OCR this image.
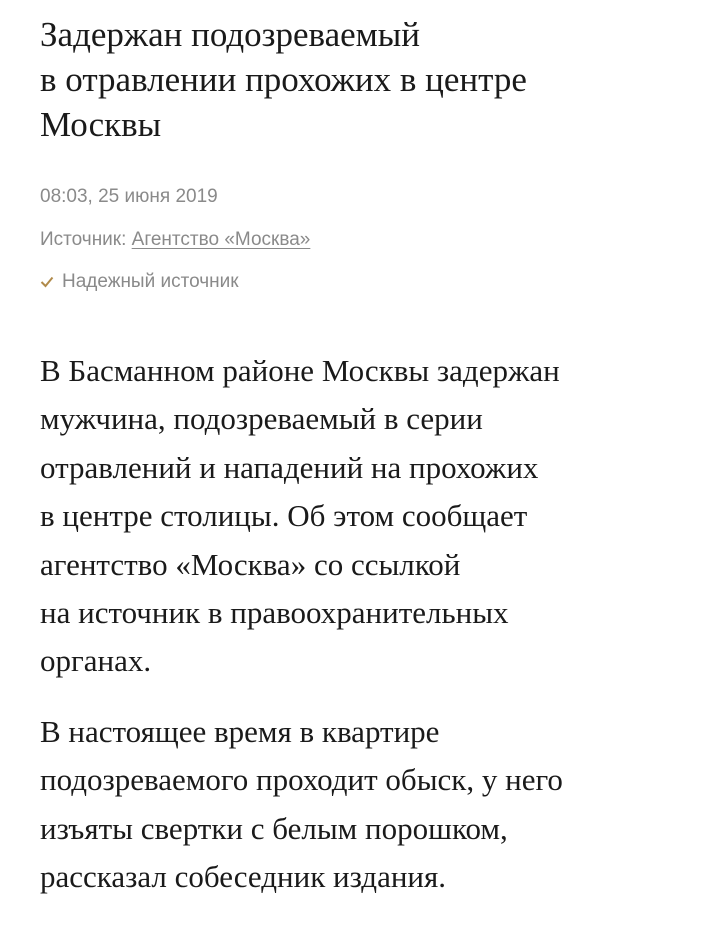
Задержан подозреваемый
в отравлении прохожих в центре
Москвы
08:03, 25 июня 2019
Источник: Агентство «Москва»
Надежный источник
В Басманном районе Москвы задержан
мужчина, подозреваемый в серии
отравлений и нападений на прохожих
в центре столицы. Об этом сообщает
агентство «Москва» со ссылкой
на источник в правоохранительных
органах.
В настоящее время в квартире
подозреваемого проходит обыск, у него
изъяты свертки с белым порошком,
рассказал собеседник издания.
